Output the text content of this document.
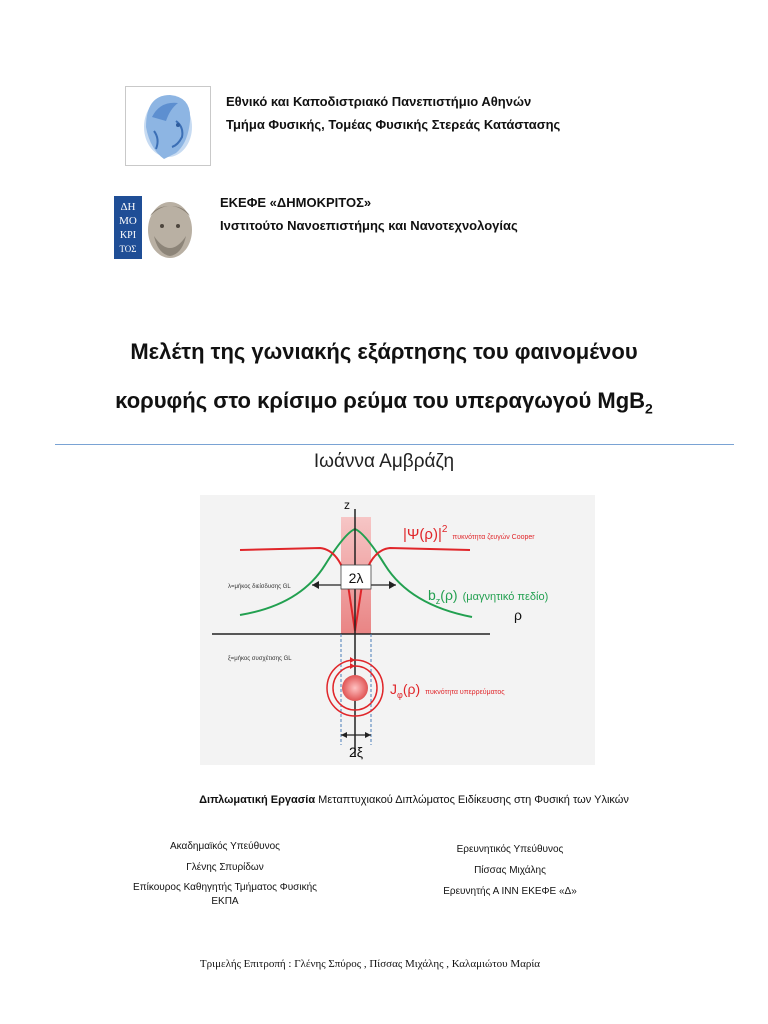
Εθνικό και Καποδιστριακό Πανεπιστήμιο Αθηνών
Τμήμα Φυσικής, Τομέας Φυσικής Στερεάς Κατάστασης
ΔΗ
ΜΟ
ΚΡΙ
ΤΟΣ
ΕΚΕΦΕ «ΔΗΜΟΚΡΙΤΟΣ»
Ινστιτούτο Νανοεπιστήμης και Νανοτεχνολογίας
Μελέτη της γωνιακής εξάρτησης του φαινομένου
κορυφής στο κρίσιμο ρεύμα του υπεραγωγού MgB$_2$
Ιωάννα Αμβράζη
2λ
λ=μήκος διείσδυσης GL
ξ=μήκος συσχέτισης GL
2ξ
z
ρ
$|\Psi(\rho)|^2_{\pi\upsilon\kappa\nu ό\tau\eta\tau\alpha \zeta\varepsilon\upsilon\gamma ώ\nu Cooper}$
$b_z(\rho)$ (μαγνητικό πεδίο)
$J_\varphi(\rho)$ πυκνότητα υπερρεύματος
Διπλωματική Εργασία Μεταπτυχιακού Διπλώματος Ειδίκευσης στη Φυσική των Υλικών
Ακαδημαϊκός Υπεύθυνος
Γλένης Σπυρίδων
Επίκουρος Καθηγητής Τμήματος Φυσικής
ΕΚΠΑ
Ερευνητικός Υπεύθυνος
Πίσσας Μιχάλης
Ερευνητής Α ΙΝΝ ΕΚΕΦΕ «Δ»
Τριμελής Επιτροπή : Γλένης Σπύρος , Πίσσας Μιχάλης , Καλαμιώτου Μαρία
